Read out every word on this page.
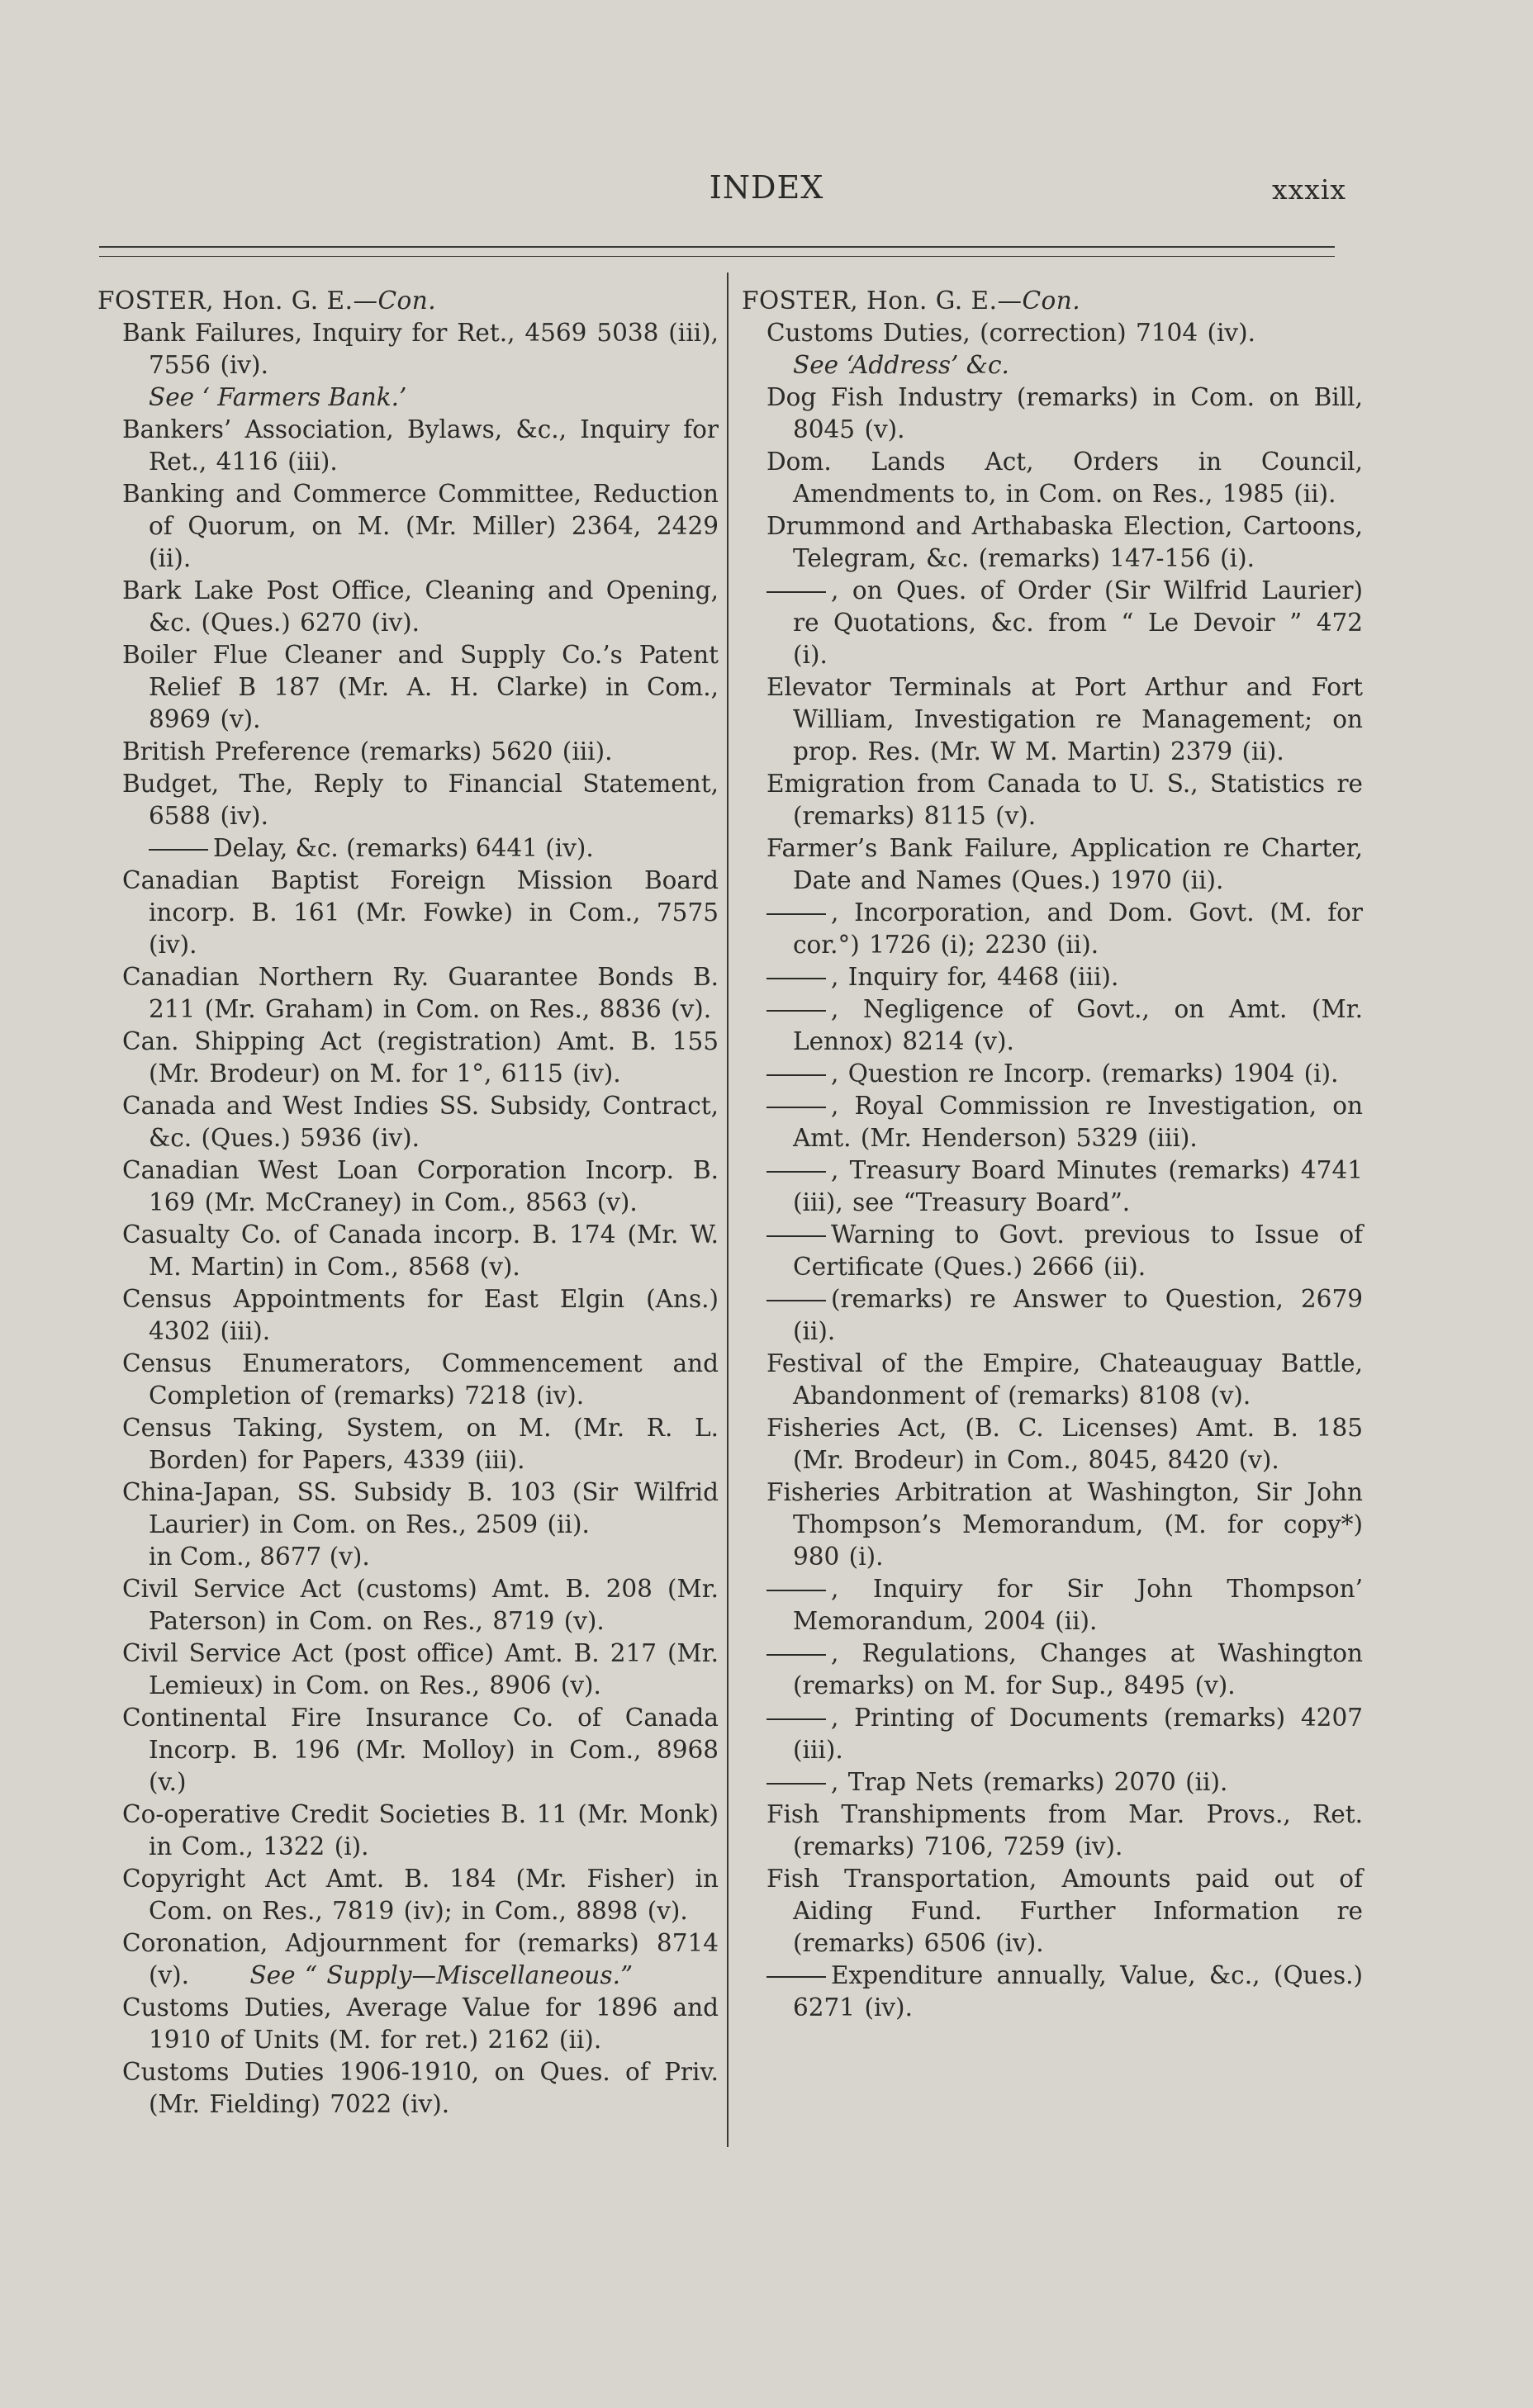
INDEX	xxxix

FOSTER, Hon. G. E.—Con.

Bank Failures, Inquiry for Ret., 4569 5038 (iii), 7556 (iv).

See ‘ Farmers Bank.’

Bankers’ Association, Bylaws, &c., Inquiry for Ret., 4116 (iii).

Banking and Commerce Committee, Reduction of Quorum, on M. (Mr. Miller) 2364, 2429 (ii).

Bark Lake Post Office, Cleaning and Opening, &c. (Ques.) 6270 (iv).

Boiler Flue Cleaner and Supply Co.’s Patent Relief B 187 (Mr. A. H. Clarke) in Com., 8969 (v).

British Preference (remarks) 5620 (iii).

Budget, The, Reply to Financial Statement, 6588 (iv).

Delay, &c. (remarks) 6441 (iv).

Canadian Baptist Foreign Mission Board incorp. B. 161 (Mr. Fowke) in Com., 7575 (iv).

Canadian Northern Ry. Guarantee Bonds B. 211 (Mr. Graham) in Com. on Res., 8836 (v).

Can. Shipping Act (registration) Amt. B. 155 (Mr. Brodeur) on M. for 1°, 6115 (iv).

Canada and West Indies SS. Subsidy, Contract, &c. (Ques.) 5936 (iv).

Canadian West Loan Corporation Incorp. B. 169 (Mr. McCraney) in Com., 8563 (v).

Casualty Co. of Canada incorp. B. 174 (Mr. W. M. Martin) in Com., 8568 (v).

Census Appointments for East Elgin (Ans.) 4302 (iii).

Census Enumerators, Commencement and Completion of (remarks) 7218 (iv).

Census Taking, System, on M. (Mr. R. L. Borden) for Papers, 4339 (iii).

China-Japan, SS. Subsidy B. 103 (Sir Wilfrid Laurier) in Com. on Res., 2509 (ii).

in Com., 8677 (v).

Civil Service Act (customs) Amt. B. 208 (Mr. Paterson) in Com. on Res., 8719 (v).

Civil Service Act (post office) Amt. B. 217 (Mr. Lemieux) in Com. on Res., 8906 (v).

Continental Fire Insurance Co. of Canada Incorp. B. 196 (Mr. Molloy) in Com., 8968 (v.)

Co-operative Credit Societies B. 11 (Mr. Monk) in Com., 1322 (i).

Copyright Act Amt. B. 184 (Mr. Fisher) in Com. on Res., 7819 (iv); in Com., 8898 (v).

Coronation, Adjournment for (remarks) 8714 (v). See “ Supply—Miscellaneous.”

Customs Duties, Average Value for 1896 and 1910 of Units (M. for ret.) 2162 (ii).

Customs Duties 1906-1910, on Ques. of Priv. (Mr. Fielding) 7022 (iv).

FOSTER, Hon. G. E.—Con.

Customs Duties, (correction) 7104 (iv).

See ‘Address’ &c.

Dog Fish Industry (remarks) in Com. on Bill, 8045 (v).

Dom. Lands Act, Orders in Council, Amendments to, in Com. on Res., 1985 (ii).

Drummond and Arthabaska Election, Cartoons, Telegram, &c. (remarks) 147-156 (i).

, on Ques. of Order (Sir Wilfrid Laurier) re Quotations, &c. from “ Le Devoir ” 472 (i).

Elevator Terminals at Port Arthur and Fort William, Investigation re Management; on prop. Res. (Mr. W M. Martin) 2379 (ii).

Emigration from Canada to U. S., Statistics re (remarks) 8115 (v).

Farmer’s Bank Failure, Application re Charter, Date and Names (Ques.) 1970 (ii).

, Incorporation, and Dom. Govt. (M. for cor.°) 1726 (i); 2230 (ii).

, Inquiry for, 4468 (iii).

, Negligence of Govt., on Amt. (Mr. Lennox) 8214 (v).

, Question re Incorp. (remarks) 1904 (i).

, Royal Commission re Investigation, on Amt. (Mr. Henderson) 5329 (iii).

, Treasury Board Minutes (remarks) 4741 (iii), see “Treasury Board”.

Warning to Govt. previous to Issue of Certificate (Ques.) 2666 (ii).

(remarks) re Answer to Question, 2679 (ii).

Festival of the Empire, Chateauguay Battle, Abandonment of (remarks) 8108 (v).

Fisheries Act, (B. C. Licenses) Amt. B. 185 (Mr. Brodeur) in Com., 8045, 8420 (v).

Fisheries Arbitration at Washington, Sir John Thompson’s Memorandum, (M. for copy*) 980 (i).

, Inquiry for Sir John Thompson’ Memorandum, 2004 (ii).

, Regulations, Changes at Washington (remarks) on M. for Sup., 8495 (v).

, Printing of Documents (remarks) 4207 (iii).

, Trap Nets (remarks) 2070 (ii).

Fish Transhipments from Mar. Provs., Ret. (remarks) 7106, 7259 (iv).

Fish Transportation, Amounts paid out of Aiding Fund. Further Information re (remarks) 6506 (iv).

Expenditure annually, Value, &c., (Ques.) 6271 (iv).
